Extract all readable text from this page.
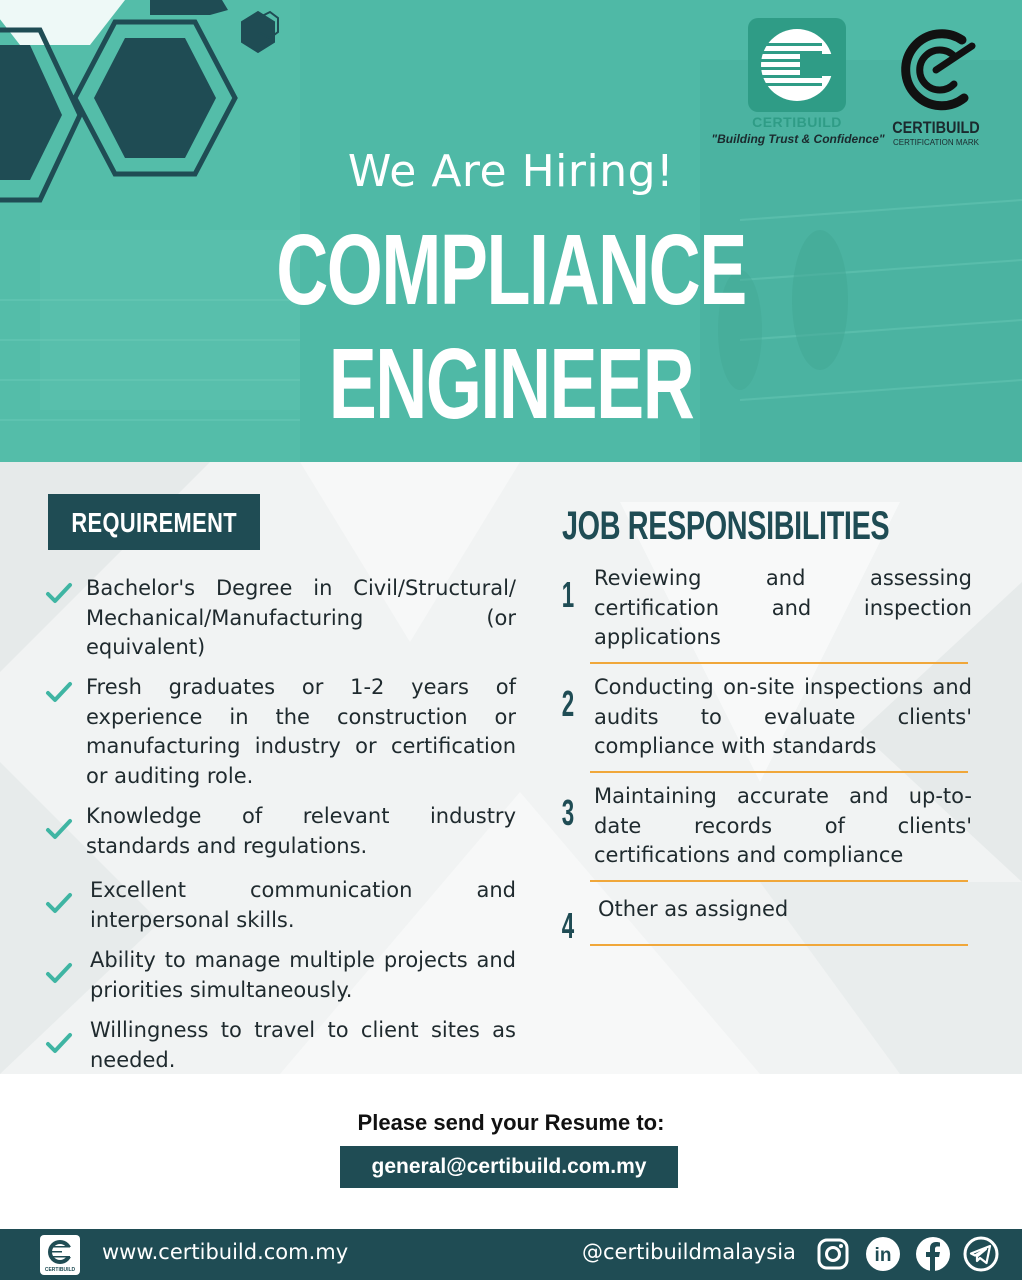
We Are Hiring!
COMPLIANCE
ENGINEER
CERTIBUILD
"Building Trust & Confidence"
CERTIBUILD
CERTIFICATION MARK
REQUIREMENT	JOB RESPONSIBILITIES
Bachelor's Degree in Civil/Structural/ Mechanical/Manufacturing (or equivalent)
Fresh graduates or 1-2 years of experience in the construction or manufacturing industry or certification or auditing role.
Knowledge of relevant industry standards and regulations.
Excellent communication and interpersonal skills.
Ability to manage multiple projects and priorities simultaneously.
Willingness to travel to client sites as needed.
1 Reviewing and assessing certification and inspection applications
2 Conducting on-site inspections and audits to evaluate clients' compliance with standards
3 Maintaining accurate and up-to-date records of clients' certifications and compliance
4 Other as assigned
Please send your Resume to:
general@certibuild.com.my
CERTIBUILD
www.certibuild.com.my	@certibuildmalaysia	in
